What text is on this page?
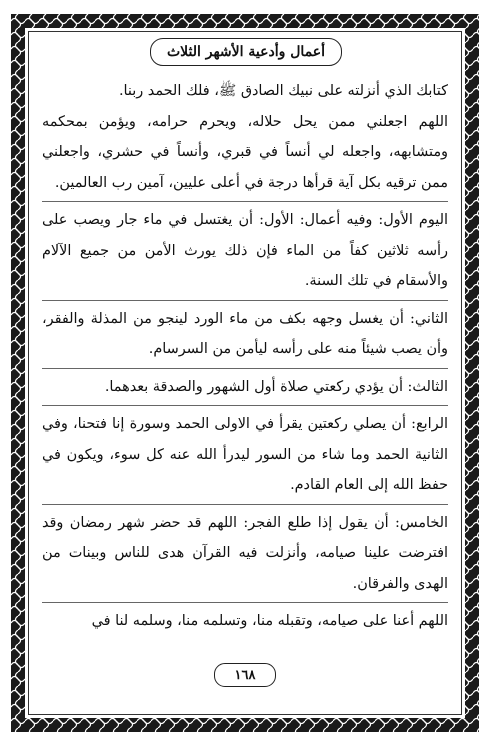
أعمال وأدعية الأشهر الثلاث

كتابك الذي أنزلته على نبيك الصادق ﷺ، فلك الحمد ربنا.

اللهم اجعلني ممن يحل حلاله، ويحرم حرامه، ويؤمن بمحكمه ومتشابهه، واجعله لي أنساً في قبري، وأنساً في حشري، واجعلني ممن ترقيه بكل آية قرأها درجة في أعلى عليين، آمين رب العالمين.

اليوم الأول: وفيه أعمال: الأول: أن يغتسل في ماء جار ويصب على رأسه ثلاثين كفاً من الماء فإن ذلك يورث الأمن من جميع الآلام والأسقام في تلك السنة.

الثاني: أن يغسل وجهه بكف من ماء الورد لينجو من المذلة والفقر، وأن يصب شيئاً منه على رأسه ليأمن من السرسام.

الثالث: أن يؤدي ركعتي صلاة أول الشهور والصدقة بعدهما.

الرابع: أن يصلي ركعتين يقرأ في الاولى الحمد وسورة إنا فتحنا، وفي الثانية الحمد وما شاء من السور ليدرأ الله عنه كل سوء، ويكون في حفظ الله إلى العام القادم.

الخامس: أن يقول إذا طلع الفجر: اللهم قد حضر شهر رمضان وقد افترضت علينا صيامه، وأنزلت فيه القرآن هدى للناس وبينات من الهدى والفرقان.

اللهم أعنا على صيامه، وتقبله منا، وتسلمه منا، وسلمه لنا في

١٦٨
